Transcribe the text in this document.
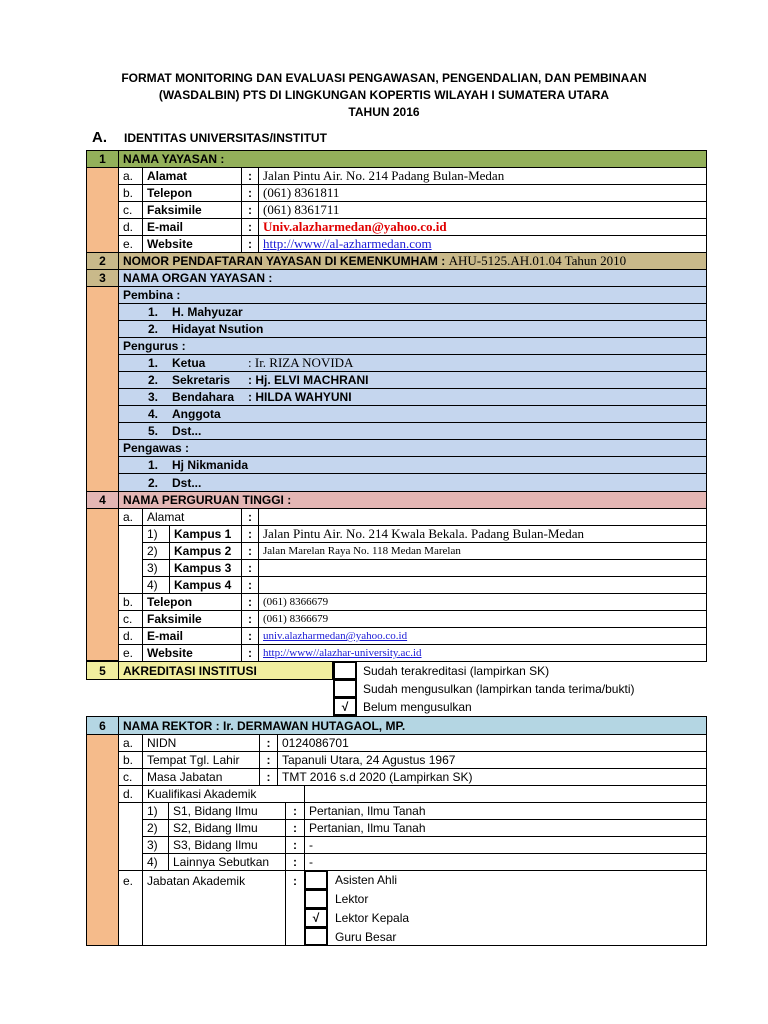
FORMAT MONITORING DAN EVALUASI PENGAWASAN, PENGENDALIAN, DAN PEMBINAAN
(WASDALBIN) PTS DI LINGKUNGAN KOPERTIS WILAYAH I SUMATERA UTARA
TAHUN 2016
A. IDENTITAS UNIVERSITAS/INSTITUT
1	NAMA YAYASAN :
a.	Alamat	: Jalan Pintu Air. No. 214 Padang Bulan-Medan
b.	Telepon	: (061) 8361811
c.	Faksimile	: (061) 8361711
d.	E-mail	: Univ.alazharmedan@yahoo.co.id
e.	Website	: http://www//al-azharmedan.com
2	NOMOR PENDAFTARAN YAYASAN DI KEMENKUMHAM :
AHU-5125.AH.01.04 Tahun 2010
3	NAMA ORGAN YAYASAN :
Pembina :
1.	H. Mahyuzar
2.	Hidayat Nsution
Pengurus :
1.	Ketua	: Ir. RIZA NOVIDA
2.	Sekretaris	: Hj. ELVI MACHRANI
3.	Bendahara	: HILDA WAHYUNI
4.	Anggota
5.	Dst...
Pengawas :
1.	Hj Nikmanida
2.	Dst...
4	NAMA PERGURUAN TINGGI :
a.	Alamat	:
1)	Kampus 1	: Jalan Pintu Air. No. 214 Kwala Bekala. Padang Bulan-Medan
2)	Kampus 2	:	Jalan Marelan Raya No. 118 Medan Marelan
3)	Kampus 3	:
4)	Kampus 4	:
b.	Telepon	:	(061) 8366679
c.	Faksimile	:	(061) 8366679
d.	E-mail	:	univ.alazharmedan@yahoo.co.id
e.	Website	:	http://www//alazhar-university.ac.id
5	AKREDITASI INSTITUSI	Sudah terakreditasi (lampirkan SK)
Sudah mengusulkan (lampirkan tanda terima/bukti)
√	Belum mengusulkan
6	NAMA REKTOR : Ir. DERMAWAN HUTAGAOL, MP.
a.	NIDN	: 0124086701
b.	Tempat Tgl. Lahir	: Tapanuli Utara, 24 Agustus 1967
c.	Masa Jabatan	: TMT 2016 s.d 2020 (Lampirkan SK)
d.	Kualifikasi Akademik
1)	S1, Bidang Ilmu	:	Pertanian, Ilmu Tanah
2)	S2, Bidang Ilmu	:	Pertanian, Ilmu Tanah
3)	S3, Bidang Ilmu	:	-
4)	Lainnya Sebutkan	:	-
e.	Jabatan Akademik	:	Asisten Ahli
Lektor
√	Lektor Kepala
Guru Besar
